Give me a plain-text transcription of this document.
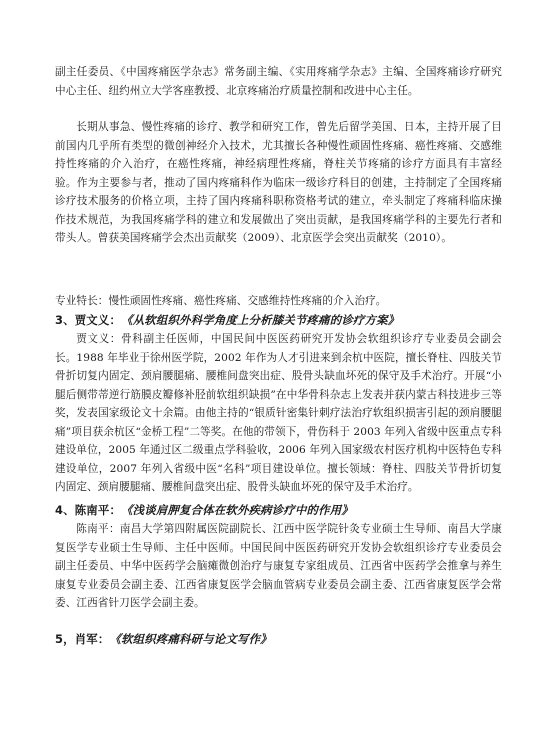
副主任委员、《中国疼痛医学杂志》常务副主编、《实用疼痛学杂志》主编、全国疼痛诊疗研究中心主任、纽约州立大学客座教授、北京疼痛治疗质量控制和改进中心主任。

长期从事急、慢性疼痛的诊疗、教学和研究工作，曾先后留学美国、日本，主持开展了目前国内几乎所有类型的微创神经介入技术，尤其擅长各种慢性顽固性疼痛、癌性疼痛、交感维持性疼痛的介入治疗，在癌性疼痛，神经病理性疼痛，脊柱关节疼痛的诊疗方面具有丰富经验。作为主要参与者，推动了国内疼痛科作为临床一级诊疗科目的创建，主持制定了全国疼痛诊疗技术服务的价格立项，主持了国内疼痛科职称资格考试的建立，牵头制定了疼痛科临床操作技术规范，为我国疼痛学科的建立和发展做出了突出贡献，是我国疼痛学科的主要先行者和带头人。曾获美国疼痛学会杰出贡献奖（2009）、北京医学会突出贡献奖（2010）。

专业特长：慢性顽固性疼痛、癌性疼痛、交感维持性疼痛的介入治疗。

3、贾文义：《从软组织外科学角度上分析膝关节疼痛的诊疗方案》

贾文义：骨科副主任医师，中国民间中医医药研究开发协会软组织诊疗专业委员会副会长。1988 年毕业于徐州医学院，2002 年作为人才引进来到余杭中医院，擅长脊柱、四肢关节骨折切复内固定、颈肩腰腿痛、腰椎间盘突出症、股骨头缺血坏死的保守及手术治疗。开展“小腿后侧带蒂逆行筋膜皮瓣修补胫前软组织缺损”在中华骨科杂志上发表并获内蒙古科技进步三等奖，发表国家级论文十余篇。由他主持的“银质针密集针刺疗法治疗软组织损害引起的颈肩腰腿痛”项目获余杭区“金桥工程”二等奖。在他的带领下，骨伤科于 2003 年列入省级中医重点专科建设单位，2005 年通过区二级重点学科验收，2006 年列入国家级农村医疗机构中医特色专科建设单位，2007 年列入省级中医“名科”项目建设单位。擅长领域：脊柱、四肢关节骨折切复内固定、颈肩腰腿痛、腰椎间盘突出症、股骨头缺血坏死的保守及手术治疗。

4、陈南平：《浅谈肩胛复合体在软外疾病诊疗中的作用》

陈南平：南昌大学第四附属医院副院长、江西中医学院针灸专业硕士生导师、南昌大学康复医学专业硕士生导师、主任中医师。中国民间中医医药研究开发协会软组织诊疗专业委员会副主任委员、中华中医药学会脑瘫微创治疗与康复专家组成员、江西省中医药学会推拿与养生康复专业委员会副主委、江西省康复医学会脑血管病专业委员会副主委、江西省康复医学会常委、江西省针刀医学会副主委。

5，肖军：《软组织疼痛科研与论文写作》
